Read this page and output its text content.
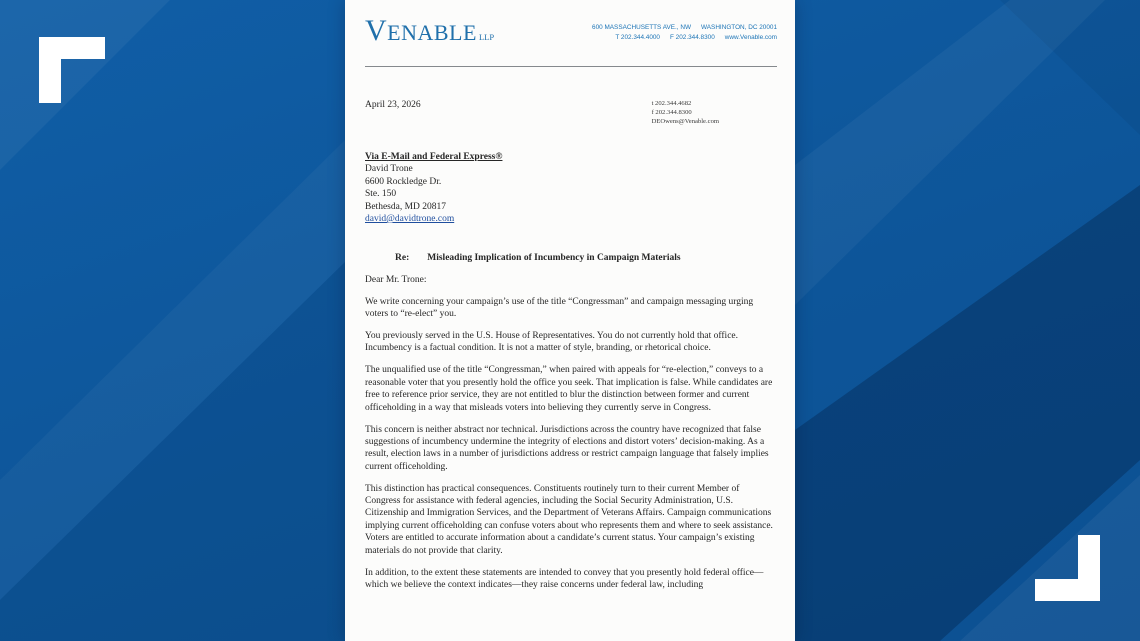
VENABLE LLP
600 MASSACHUSETTS AVE., NW WASHINGTON, DC 20001
T 202.344.4000 F 202.344.8300 www.Venable.com
April 23, 2026	t 202.344.4682
f 202.344.8300
DEOwens@Venable.com
Via E-Mail and Federal Express®
David Trone
6600 Rockledge Dr.
Ste. 150
Bethesda, MD 20817
david@davidtrone.com
Re: Misleading Implication of Incumbency in Campaign Materials
Dear Mr. Trone:

We write concerning your campaign’s use of the title “Congressman” and campaign messaging urging voters to “re-elect” you.

You previously served in the U.S. House of Representatives. You do not currently hold that office. Incumbency is a factual condition. It is not a matter of style, branding, or rhetorical choice.

The unqualified use of the title “Congressman,” when paired with appeals for “re-election,” conveys to a reasonable voter that you presently hold the office you seek. That implication is false. While candidates are free to reference prior service, they are not entitled to blur the distinction between former and current officeholding in a way that misleads voters into believing they currently serve in Congress.

This concern is neither abstract nor technical. Jurisdictions across the country have recognized that false suggestions of incumbency undermine the integrity of elections and distort voters’ decision-making. As a result, election laws in a number of jurisdictions address or restrict campaign language that falsely implies current officeholding.

This distinction has practical consequences. Constituents routinely turn to their current Member of Congress for assistance with federal agencies, including the Social Security Administration, U.S. Citizenship and Immigration Services, and the Department of Veterans Affairs. Campaign communications implying current officeholding can confuse voters about who represents them and where to seek assistance. Voters are entitled to accurate information about a candidate’s current status. Your campaign’s existing materials do not provide that clarity.

In addition, to the extent these statements are intended to convey that you presently hold federal office—which we believe the context indicates—they raise concerns under federal law, including
